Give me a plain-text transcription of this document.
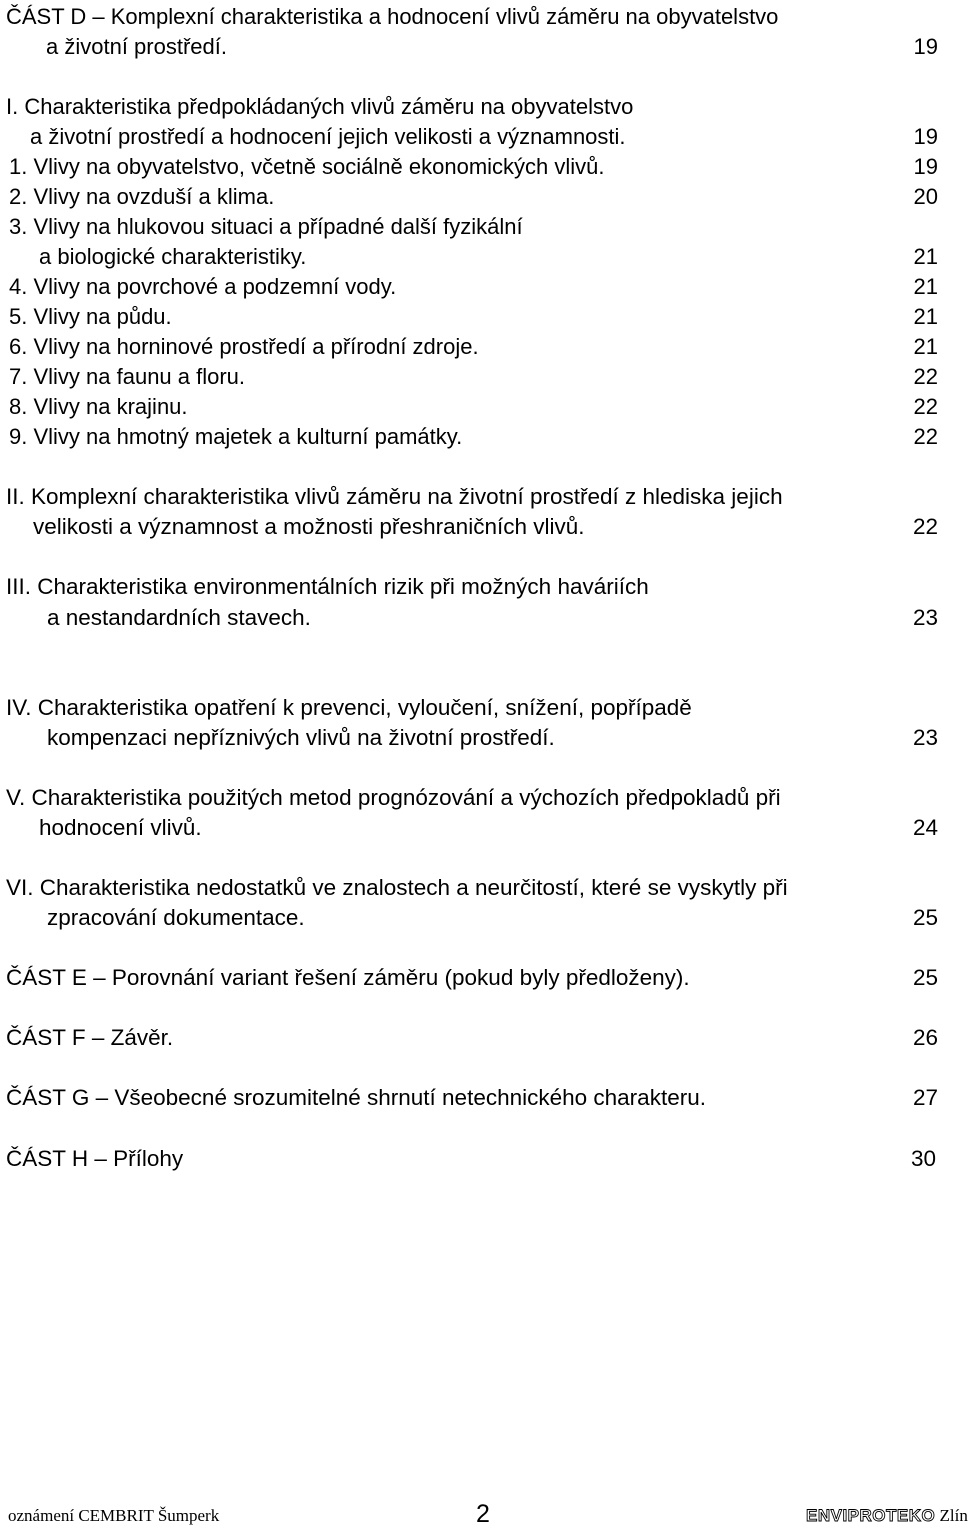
ČÁST D – Komplexní charakteristika a hodnocení vlivů záměru na obyvatelstvo
a životní prostředí.	19
I. Charakteristika předpokládaných vlivů záměru na obyvatelstvo
a životní prostředí a hodnocení jejich velikosti a významnosti.	19
1. Vlivy na obyvatelstvo, včetně sociálně ekonomických vlivů.	19
2. Vlivy na ovzduší a klima.	20
3. Vlivy na hlukovou situaci a případné další fyzikální
a biologické charakteristiky.	21
4. Vlivy na povrchové a podzemní vody.	21
5. Vlivy na půdu.	21
6. Vlivy na horninové prostředí a přírodní zdroje.	21
7. Vlivy na faunu a floru.	22
8. Vlivy na krajinu.	22
9. Vlivy na hmotný majetek a kulturní památky.	22
II. Komplexní charakteristika vlivů záměru na životní prostředí z hlediska jejich
velikosti a významnost a možnosti přeshraničních vlivů.	22
III. Charakteristika environmentálních rizik při možných haváriích
a nestandardních stavech.	23
IV. Charakteristika opatření k prevenci, vyloučení, snížení, popřípadě
kompenzaci nepříznivých vlivů na životní prostředí.	23
V. Charakteristika použitých metod prognózování a výchozích předpokladů při
hodnocení vlivů.	24
VI. Charakteristika nedostatků ve znalostech a neurčitostí, které se vyskytly při
zpracování dokumentace.	25
ČÁST E – Porovnání variant řešení záměru (pokud byly předloženy).	25
ČÁST F – Závěr.	26
ČÁST G – Všeobecné srozumitelné shrnutí netechnického charakteru.	27
ČÁST H – Přílohy	30
oznámení CEMBRIT Šumperk	2	ENVIPROTEKO Zlín
